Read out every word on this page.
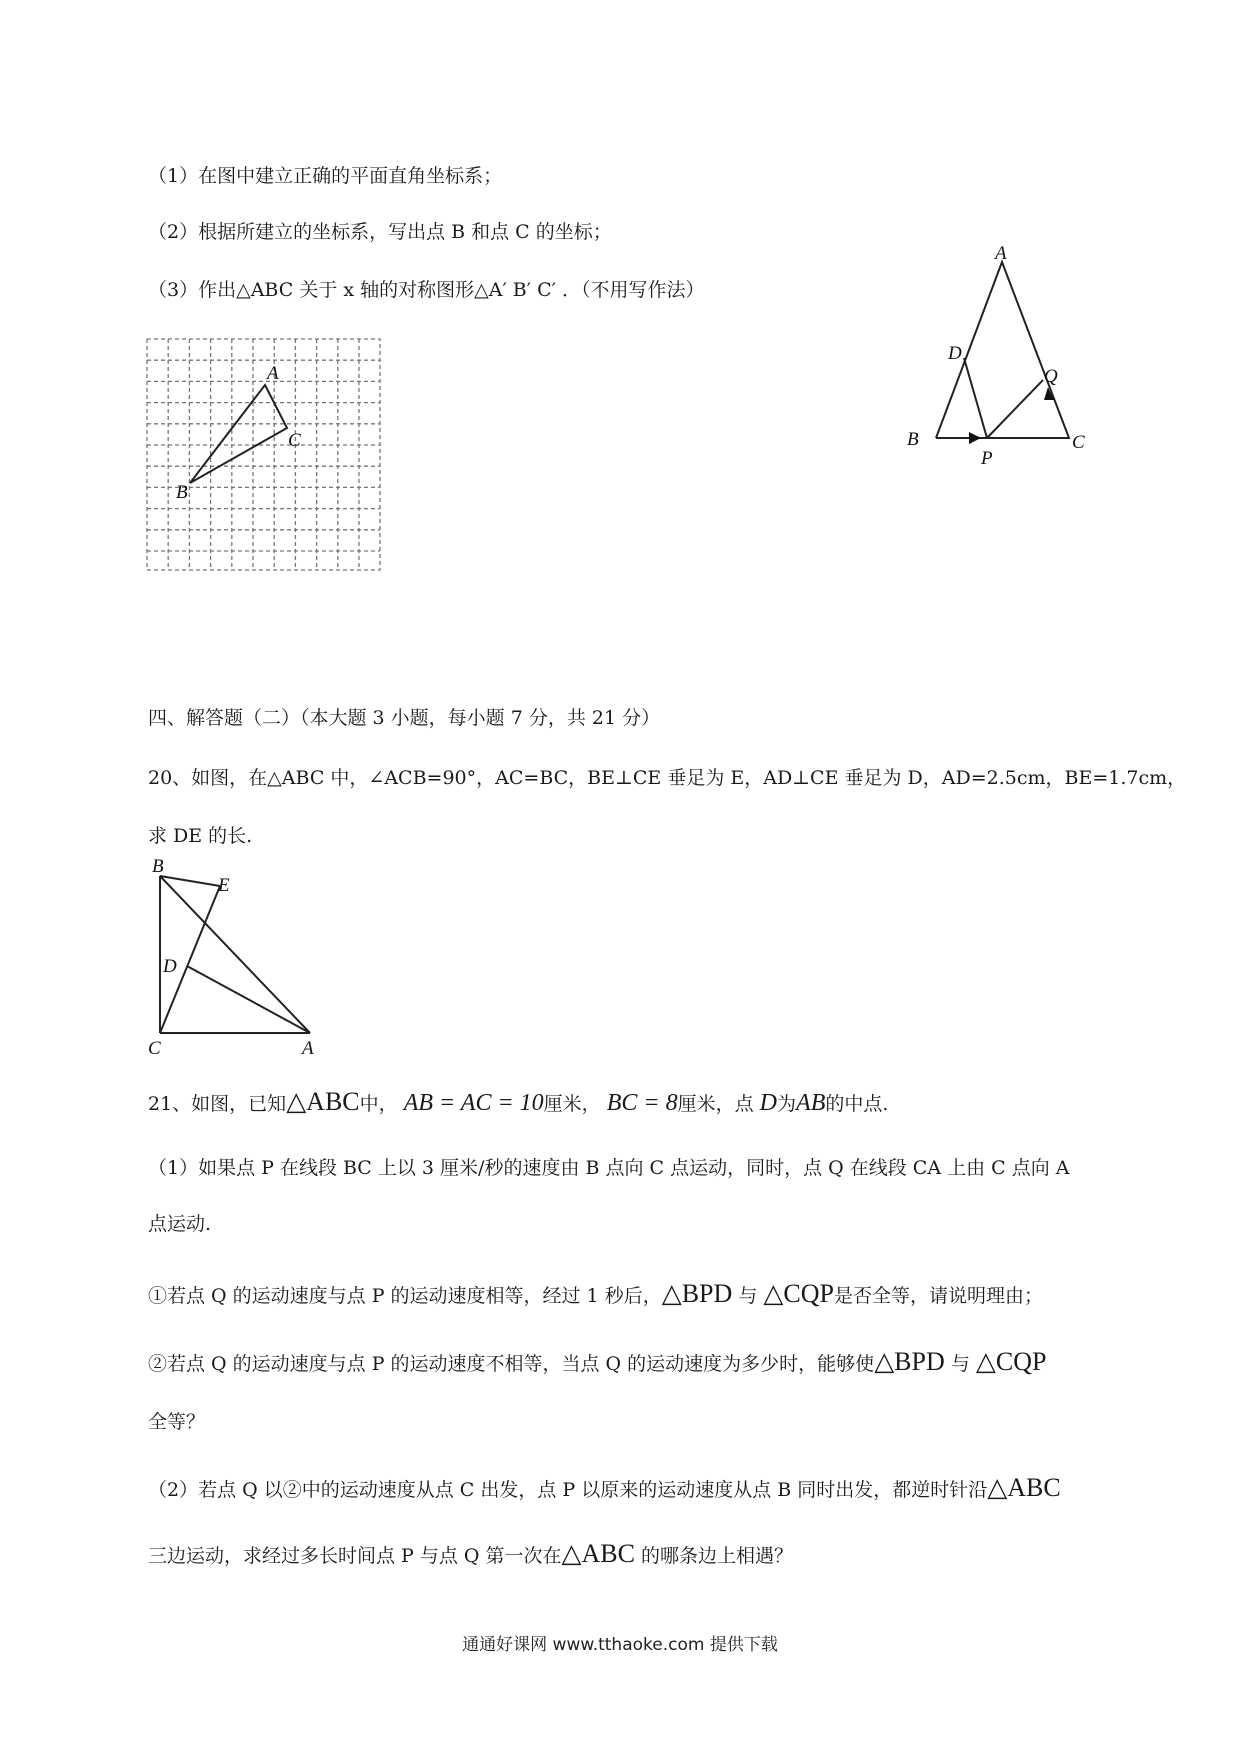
（1）在图中建立正确的平面直角坐标系；
（2）根据所建立的坐标系，写出点 B 和点 C 的坐标；
（3）作出△ABC 关于 x 轴的对称图形△A′ B′ C′ ．（不用写作法）
A
C
B
A
D
Q
B
P
C
四、解答题（二）（本大题 3 小题，每小题 7 分，共 21 分）
20、如图，在△ABC 中，∠ACB=90°，AC=BC，BE⊥CE 垂足为 E，AD⊥CE 垂足为 D，AD=2.5cm，BE=1.7cm，
求 DE 的长.
B
E
D
C	A
21、如图，已知△ABC中， AB = AC = 10厘米， BC = 8厘米，点 D为AB的中点.
（1）如果点 P 在线段 BC 上以 3 厘米/秒的速度由 B 点向 C 点运动，同时，点 Q 在线段 CA 上由 C 点向 A
点运动.
①若点 Q 的运动速度与点 P 的运动速度相等，经过 1 秒后，△BPD 与 △CQP是否全等，请说明理由；
②若点 Q 的运动速度与点 P 的运动速度不相等，当点 Q 的运动速度为多少时，能够使△BPD 与 △CQP
全等？
（2）若点 Q 以②中的运动速度从点 C 出发，点 P 以原来的运动速度从点 B 同时出发，都逆时针沿△ABC
三边运动，求经过多长时间点 P 与点 Q 第一次在△ABC 的哪条边上相遇？
通通好课网 www.tthaoke.com 提供下载
